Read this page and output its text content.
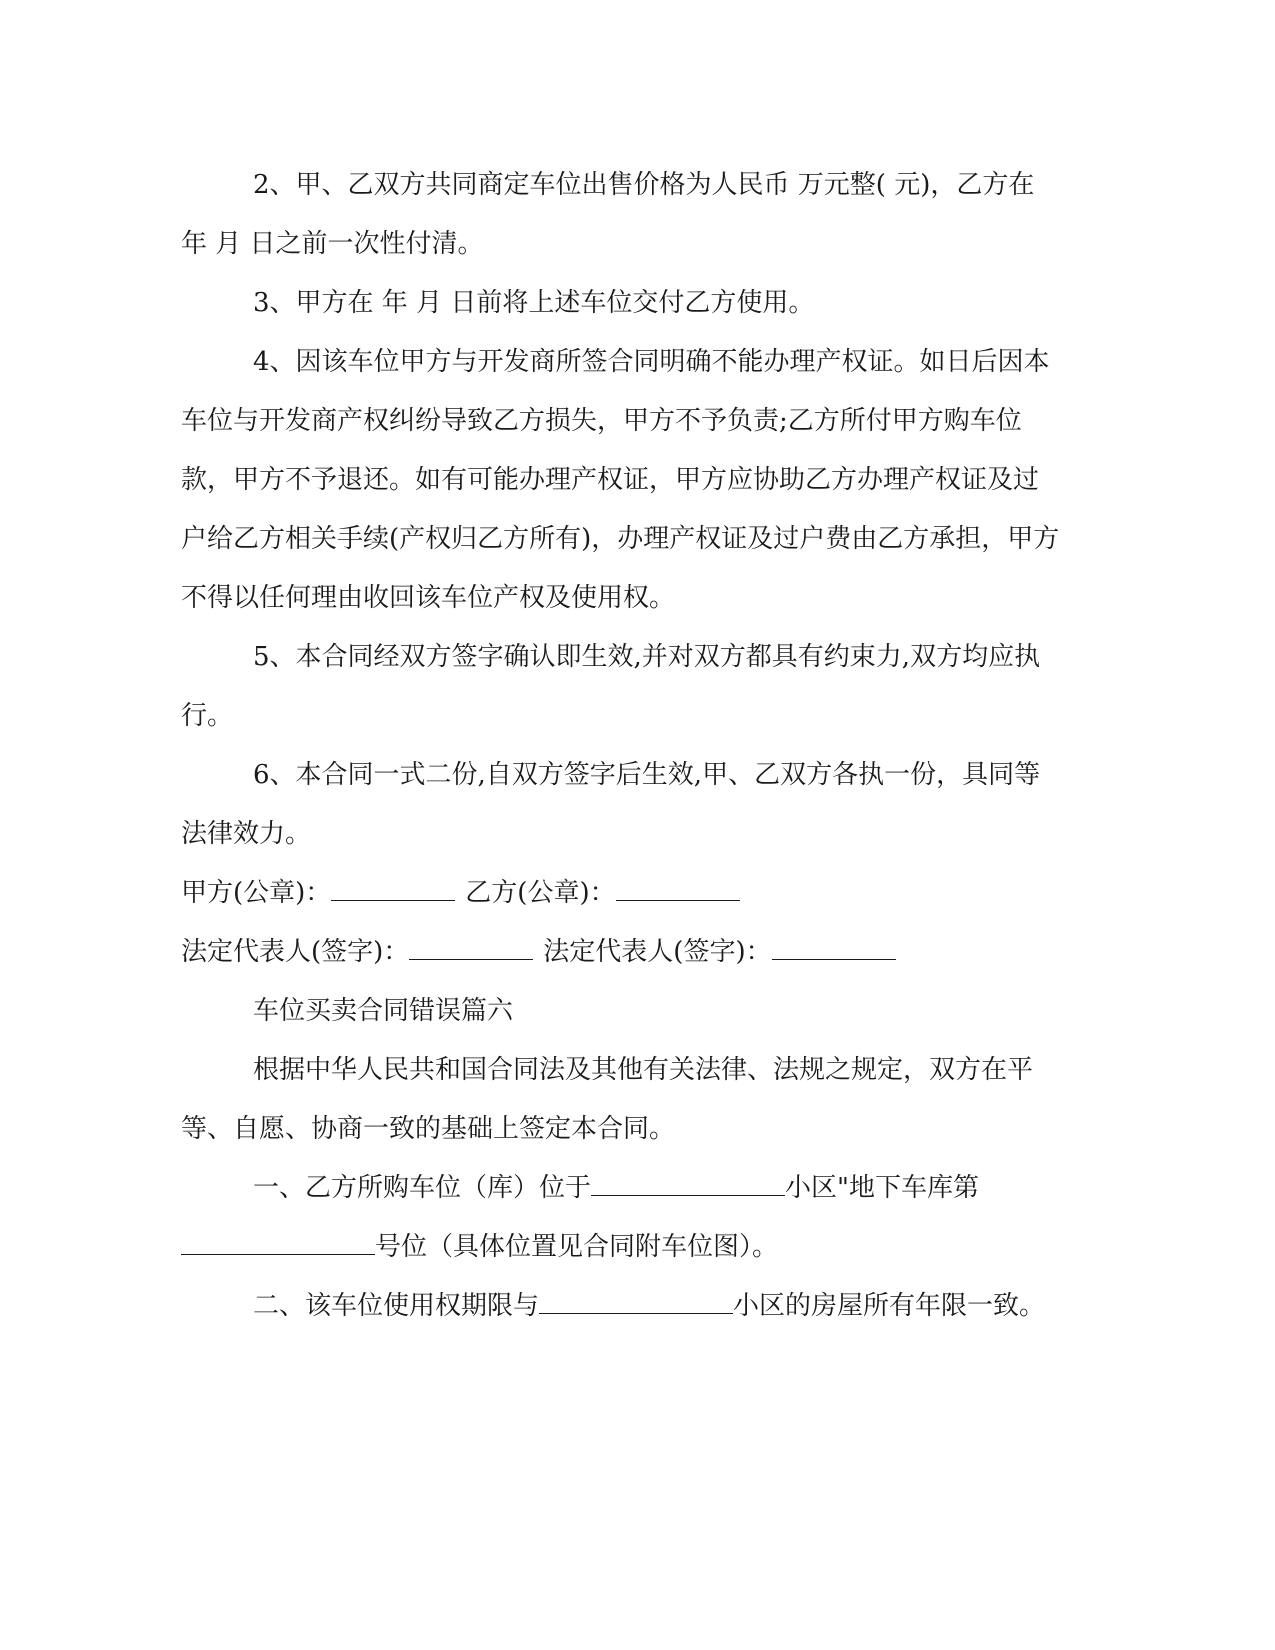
2、甲、乙双方共同商定车位出售价格为人民币 万元整( 元)，乙方在 年 月 日之前一次性付清。

3、甲方在 年 月 日前将上述车位交付乙方使用。

4、因该车位甲方与开发商所签合同明确不能办理产权证。如日后因本车位与开发商产权纠纷导致乙方损失，甲方不予负责;乙方所付甲方购车位款，甲方不予退还。如有可能办理产权证，甲方应协助乙方办理产权证及过户给乙方相关手续(产权归乙方所有)，办理产权证及过户费由乙方承担，甲方不得以任何理由收回该车位产权及使用权。

5、本合同经双方签字确认即生效,并对双方都具有约束力,双方均应执行。

6、本合同一式二份,自双方签字后生效,甲、乙双方各执一份，具同等法律效力。

甲方(公章)：	乙方(公章)：

法定代表人(签字)：	法定代表人(签字)：

车位买卖合同错误篇六

根据中华人民共和国合同法及其他有关法律、法规之规定，双方在平等、自愿、协商一致的基础上签定本合同。

一、乙方所购车位（库）位于	小区"地下车库第
号位（具体位置见合同附车位图）。

二、该车位使用权期限与	小区的房屋所有年限一致。
